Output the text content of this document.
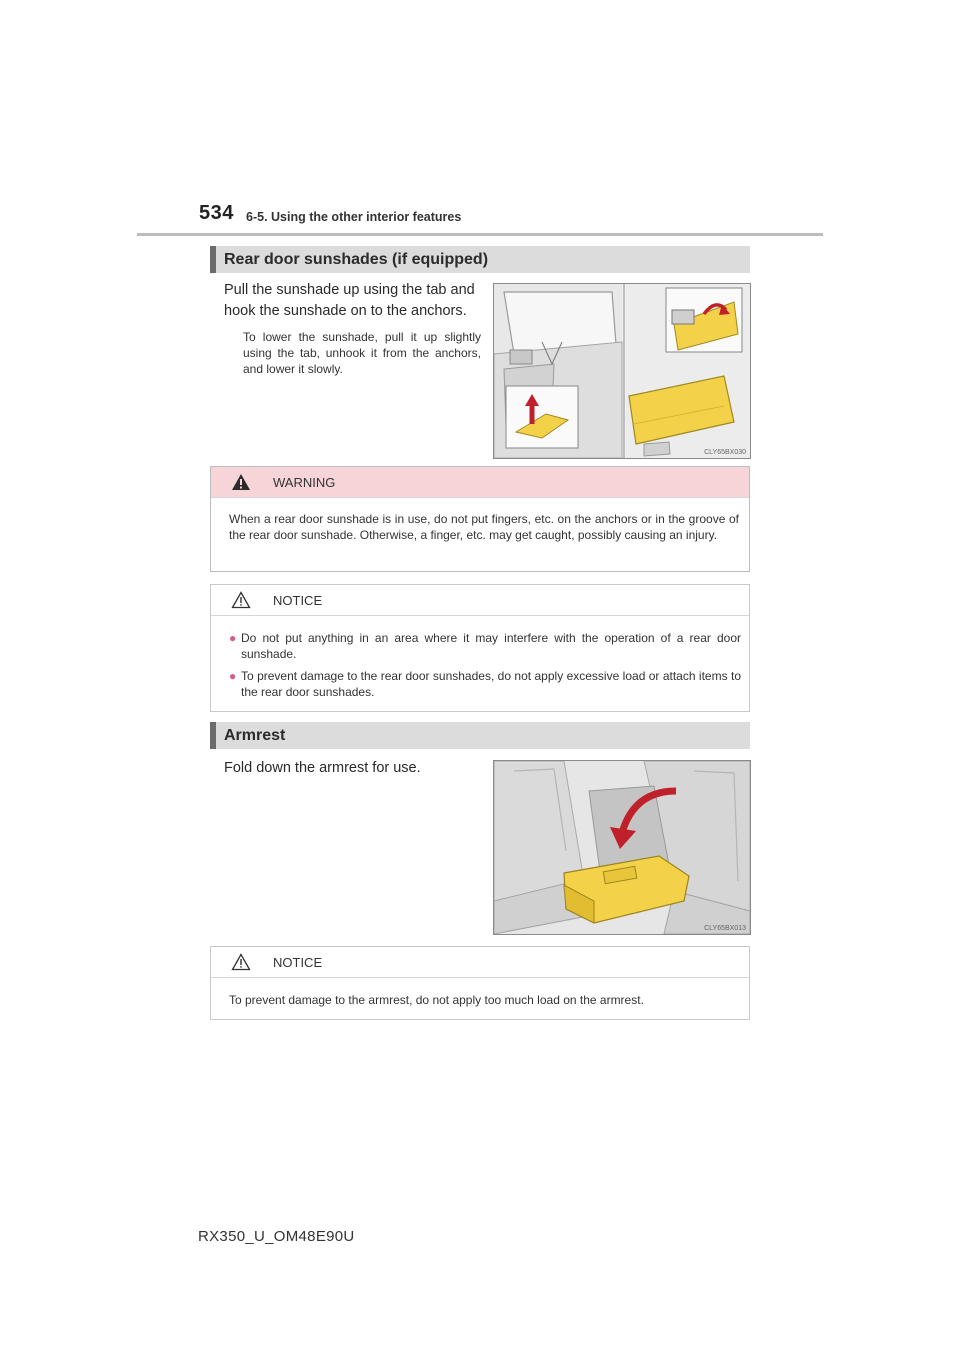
534 6-5. Using the other interior features
Rear door sunshades (if equipped)
Pull the sunshade up using the tab and hook the sunshade on to the anchors.
To lower the sunshade, pull it up slightly using the tab, unhook it from the anchors, and lower it slowly.
CLY65BX030
WARNING
When a rear door sunshade is in use, do not put fingers, etc. on the anchors or in the groove of the rear door sunshade. Otherwise, a finger, etc. may get caught, possibly causing an injury.
NOTICE
● Do not put anything in an area where it may interfere with the operation of a rear door sunshade.
● To prevent damage to the rear door sunshades, do not apply excessive load or attach items to the rear door sunshades.
Armrest
Fold down the armrest for use.
CLY65BX013
NOTICE
To prevent damage to the armrest, do not apply too much load on the armrest.
RX350_U_OM48E90U
